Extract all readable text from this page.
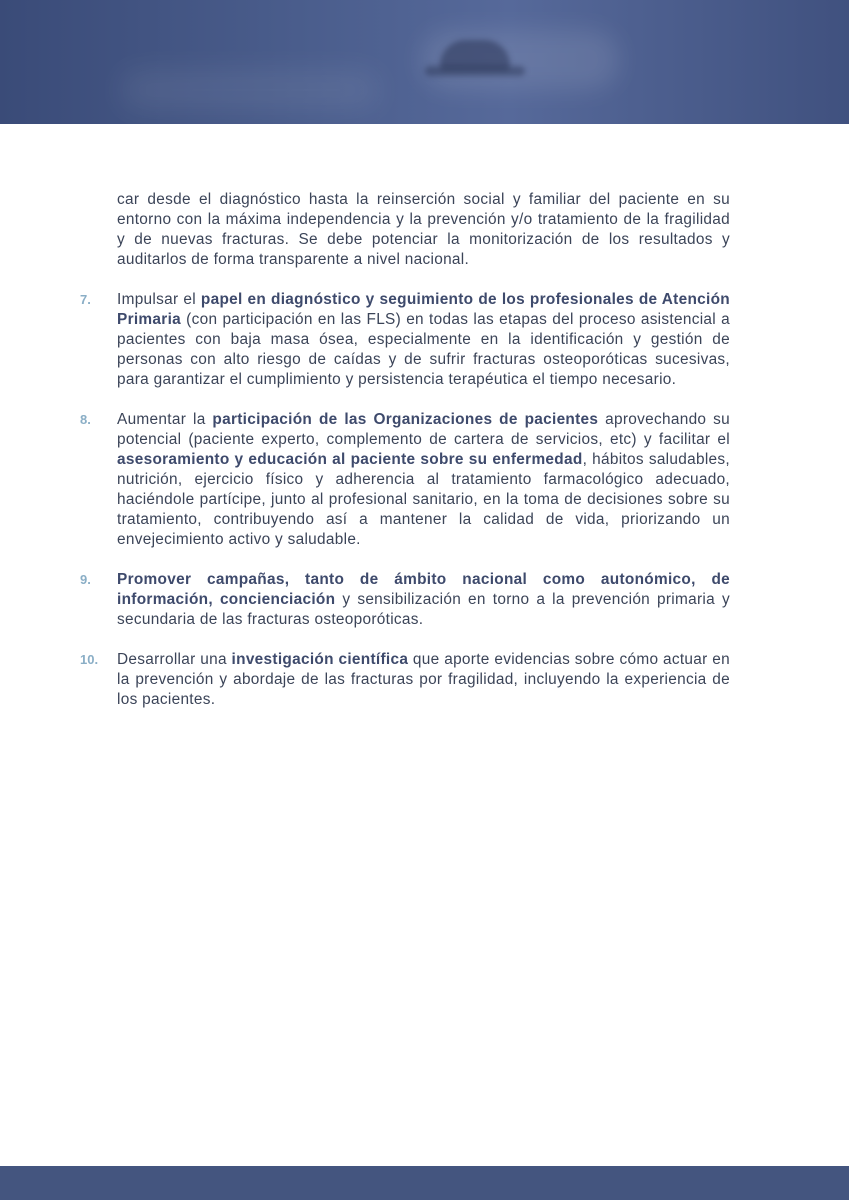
car desde el diagnóstico hasta la reinserción social y familiar del paciente en su entorno con la máxima independencia y la prevención y/o tratamiento de la fragilidad y de nuevas fracturas. Se debe potenciar la monitorización de los resultados y auditarlos de forma transparente a nivel nacional.
7. Impulsar el papel en diagnóstico y seguimiento de los profesionales de Atención Primaria (con participación en las FLS) en todas las etapas del proceso asistencial a pacientes con baja masa ósea, especialmente en la identificación y gestión de personas con alto riesgo de caídas y de sufrir fracturas osteoporóticas sucesivas, para garantizar el cumplimiento y persistencia terapéutica el tiempo necesario.
8. Aumentar la participación de las Organizaciones de pacientes aprovechando su potencial (paciente experto, complemento de cartera de servicios, etc) y facilitar el asesoramiento y educación al paciente sobre su enfermedad, hábitos saludables, nutrición, ejercicio físico y adherencia al tratamiento farmacológico adecuado, haciéndole partícipe, junto al profesional sanitario, en la toma de decisiones sobre su tratamiento, contribuyendo así a mantener la calidad de vida, priorizando un envejecimiento activo y saludable.
9. Promover campañas, tanto de ámbito nacional como autonómico, de información, concienciación y sensibilización en torno a la prevención primaria y secundaria de las fracturas osteoporóticas.
10. Desarrollar una investigación científica que aporte evidencias sobre cómo actuar en la prevención y abordaje de las fracturas por fragilidad, incluyendo la experiencia de los pacientes.
